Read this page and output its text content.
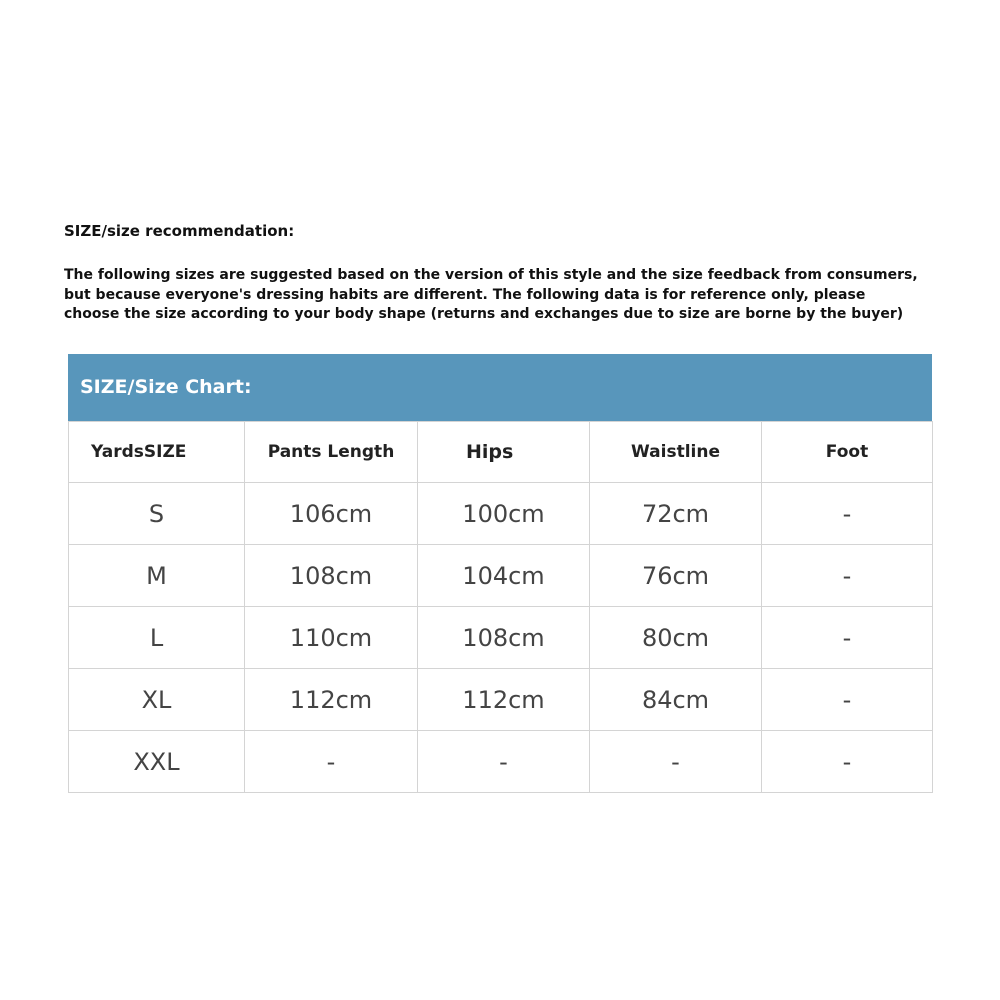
SIZE/size recommendation:

The following sizes are suggested based on the version of this style and the size feedback from consumers,
but because everyone's dressing habits are different. The following data is for reference only, please
choose the size according to your body shape (returns and exchanges due to size are borne by the buyer)

SIZE/Size Chart:
YardsSIZE	Pants Length	Hips	Waistline	Foot
S	106cm	100cm	72cm	-
M	108cm	104cm	76cm	-
L	110cm	108cm	80cm	-
XL	112cm	112cm	84cm	-
XXL	-	-	-	-
